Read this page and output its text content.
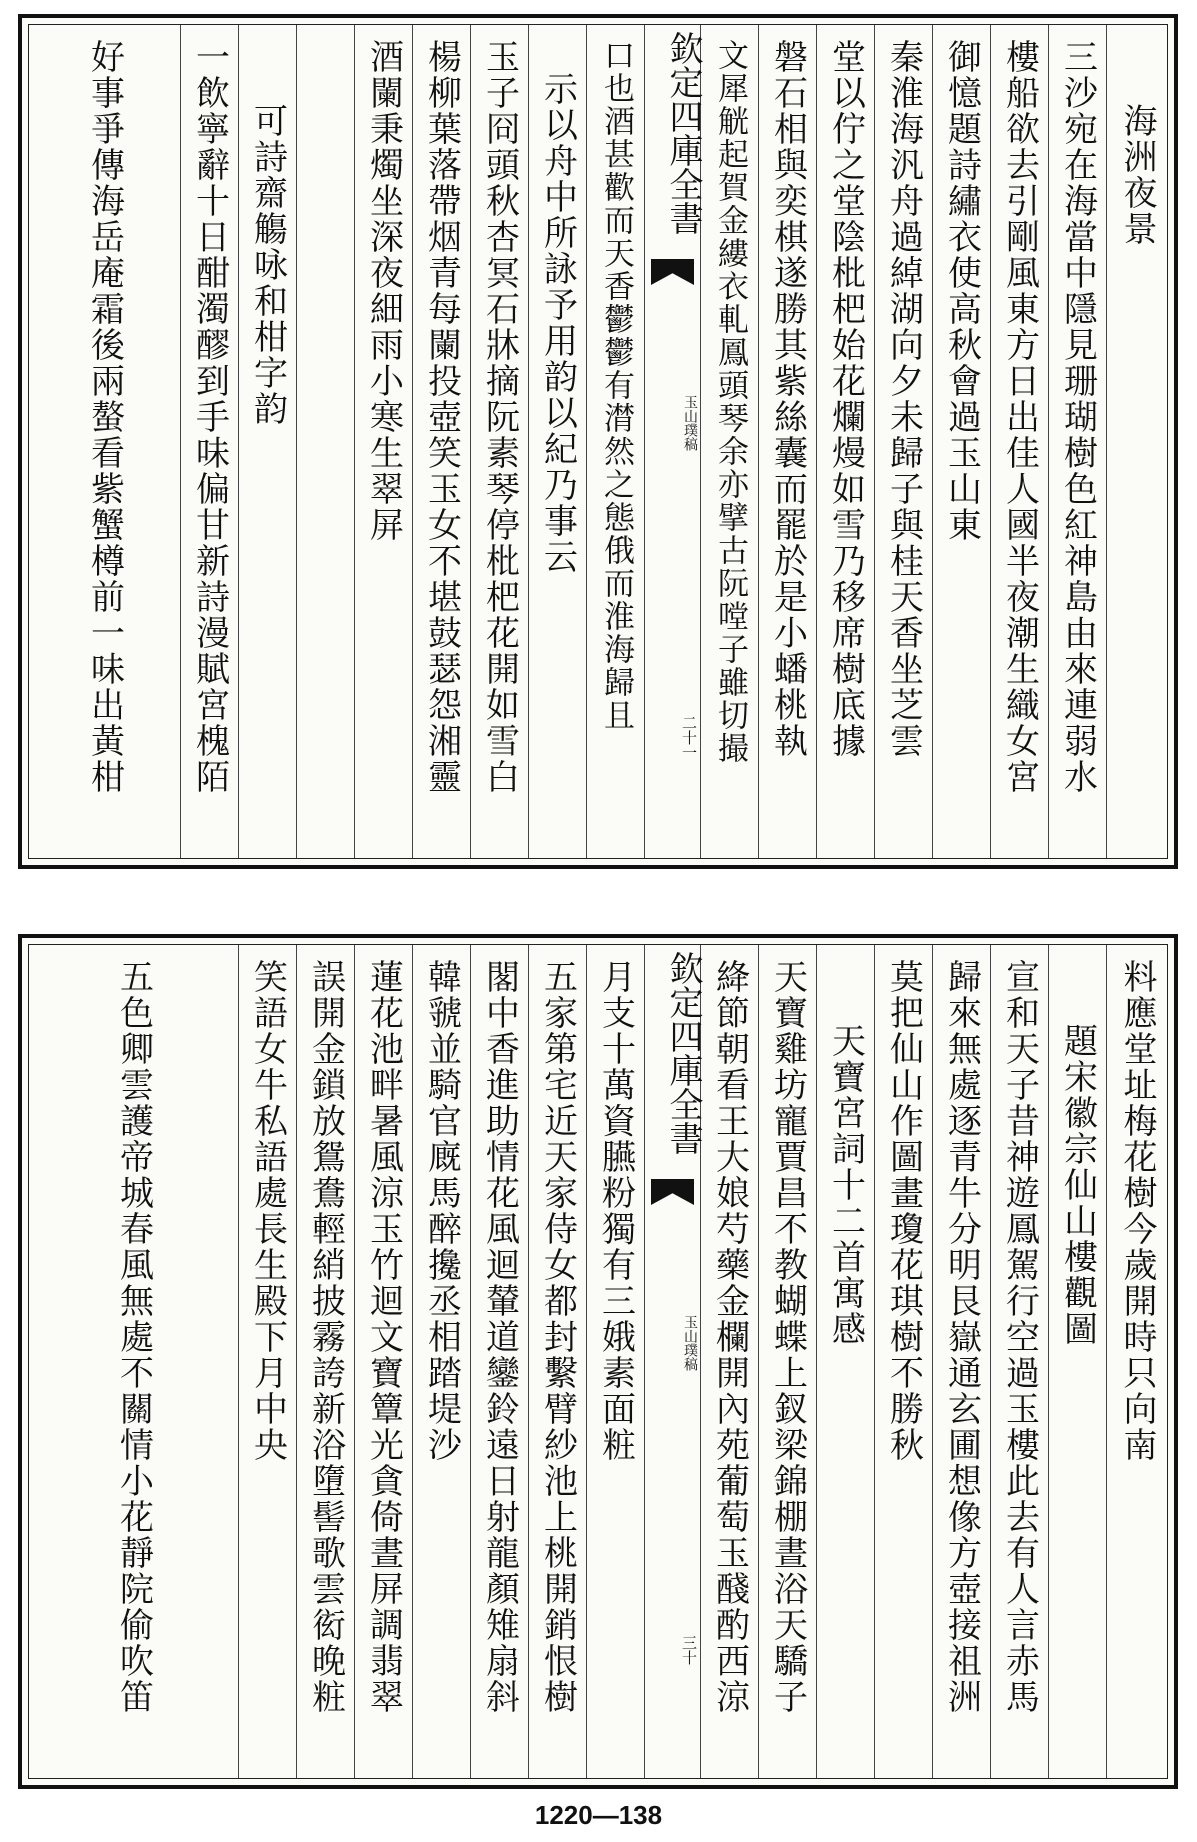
海洲夜景
三沙宛在海當中隱見珊瑚樹色紅神島由來連弱水
樓船欲去引剛風東方日出佳人國半夜潮生織女宮
御憶題詩繡衣使高秋會過玉山東
秦淮海汎舟過綽湖向夕未歸子與桂天香坐芝雲
堂以佇之堂陰枇杷始花爛熳如雪乃移席樹底據
磐石相與奕棋遂勝其紫絲囊而罷於是小蟠桃執
文犀觥起賀金縷衣軋鳳頭琴余亦擘古阮嘡子雖切撮
欽定四庫全書
玉山璞稿
二十一
口也酒甚歡而天香鬱鬱有潸然之態俄而淮海歸且
示以舟中所詠予用韵以紀乃事云
玉子冏頭秋杏冥石牀摘阮素琴停枇杷花開如雪白
楊柳葉落帶烟青每闌投壺笑玉女不堪鼓瑟怨湘靈
酒闌秉燭坐深夜細雨小寒生翠屏
可詩齋觴咏和柑字韵
一飲寧辭十日酣濁醪到手味偏甘新詩漫賦宮槐陌
好事爭傳海岳庵霜後兩螯看紫蟹樽前一味出黃柑
料應堂址梅花樹今歲開時只向南
題宋徽宗仙山樓觀圖
宣和天子昔神遊鳳駕行空過玉樓此去有人言赤馬
歸來無處逐青牛分明艮嶽通玄圃想像方壺接祖洲
莫把仙山作圖畫瓊花琪樹不勝秋
天寶宮詞十二首寓感
天寶雞坊寵賈昌不教蝴蝶上釵梁錦棚晝浴天驕子
絳節朝看王大娘芍藥金欄開內苑葡萄玉醆酌西涼
欽定四庫全書
玉山璞稿
三十
月支十萬資臙粉獨有三娥素面粧
五家第宅近天家侍女都封繫臂紗池上桃開銷恨樹
閣中香進助情花風迴輦道鑾鈴遠日射龍顏雉扇斜
韓虢並騎官廐馬醉攙丞相踏堤沙
蓮花池畔暑風涼玉竹迴文寶簟光貪倚晝屏調翡翠
誤開金鎖放鴛鴦輕綃披霧誇新浴墮髻歌雲衒晚粧
笑語女牛私語處長生殿下月中央
五色卿雲護帝城春風無處不關情小花靜院偷吹笛
1220—138
